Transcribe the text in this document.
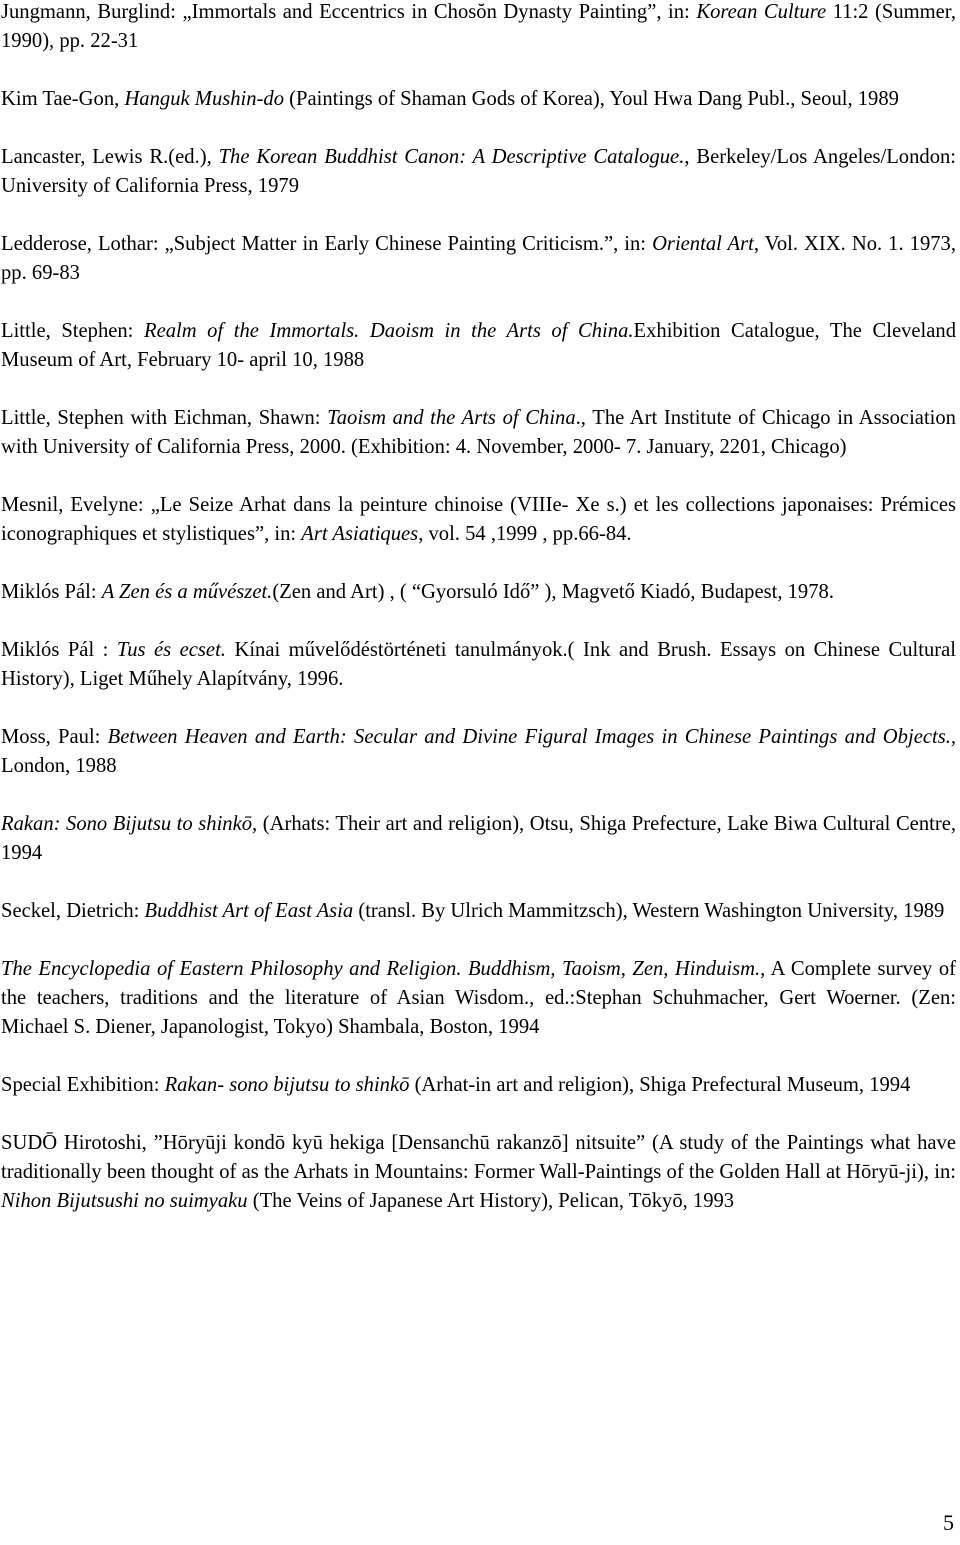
Jungmann, Burglind: „Immortals and Eccentrics in Chosŏn Dynasty Painting”, in: Korean Culture 11:2 (Summer, 1990), pp. 22-31

Kim Tae-Gon, Hanguk Mushin-do (Paintings of Shaman Gods of Korea), Youl Hwa Dang Publ., Seoul, 1989

Lancaster, Lewis R.(ed.), The Korean Buddhist Canon: A Descriptive Catalogue., Berkeley/Los Angeles/London: University of California Press, 1979

Ledderose, Lothar: „Subject Matter in Early Chinese Painting Criticism.”, in: Oriental Art, Vol. XIX. No. 1. 1973, pp. 69-83

Little, Stephen: Realm of the Immortals. Daoism in the Arts of China.Exhibition Catalogue, The Cleveland Museum of Art, February 10- april 10, 1988

Little, Stephen with Eichman, Shawn: Taoism and the Arts of China., The Art Institute of Chicago in Association with University of California Press, 2000. (Exhibition: 4. November, 2000- 7. January, 2201, Chicago)

Mesnil, Evelyne: „Le Seize Arhat dans la peinture chinoise (VIIIe- Xe s.) et les collections japonaises: Prémices iconographiques et stylistiques”, in: Art Asiatiques, vol. 54 ,1999 , pp.66-84.

Miklós Pál: A Zen és a művészet.(Zen and Art) , ( “Gyorsuló Idő” ), Magvető Kiadó, Budapest, 1978.

Miklós Pál : Tus és ecset. Kínai művelődéstörténeti tanulmányok.( Ink and Brush. Essays on Chinese Cultural History), Liget Műhely Alapítvány, 1996.

Moss, Paul: Between Heaven and Earth: Secular and Divine Figural Images in Chinese Paintings and Objects., London, 1988

Rakan: Sono Bijutsu to shinkō, (Arhats: Their art and religion), Otsu, Shiga Prefecture, Lake Biwa Cultural Centre, 1994

Seckel, Dietrich: Buddhist Art of East Asia (transl. By Ulrich Mammitzsch), Western Washington University, 1989

The Encyclopedia of Eastern Philosophy and Religion. Buddhism, Taoism, Zen, Hinduism., A Complete survey of the teachers, traditions and the literature of Asian Wisdom., ed.:Stephan Schuhmacher, Gert Woerner. (Zen: Michael S. Diener, Japanologist, Tokyo) Shambala, Boston, 1994

Special Exhibition: Rakan- sono bijutsu to shinkō (Arhat-in art and religion), Shiga Prefectural Museum, 1994

SUDŌ Hirotoshi, ”Hōryūji kondō kyū hekiga [Densanchū rakanzō] nitsuite” (A study of the Paintings what have traditionally been thought of as the Arhats in Mountains: Former Wall-Paintings of the Golden Hall at Hōryū-ji), in: Nihon Bijutsushi no suimyaku (The Veins of Japanese Art History), Pelican, Tōkyō, 1993

5
